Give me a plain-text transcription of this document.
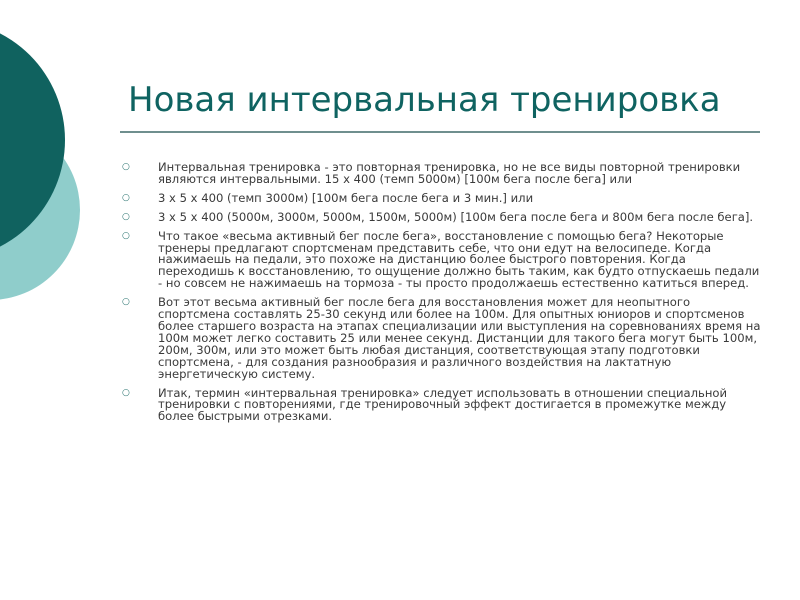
Новая интервальная тренировка
○ Интервальная тренировка - это повторная тренировка, но не все виды повторной тренировки являются интервальными. 15 х 400 (темп 5000м) [100м бега после бега] или
○ 3 х 5 х 400 (темп 3000м) [100м бега после бега и 3 мин.] или
○ 3 х 5 х 400 (5000м, 3000м, 5000м, 1500м, 5000м) [100м бега после бега и 800м бега после бега].
○ Что такое «весьма активный бег после бега», восстановление с помощью бега? Некоторые тренеры предлагают спортсменам представить себе, что они едут на велосипеде. Когда нажимаешь на педали, это похоже на дистанцию более быстрого повторения. Когда переходишь к восстановлению, то ощущение должно быть таким, как будто отпускаешь педали - но совсем не нажимаешь на тормоза - ты просто продолжаешь естественно катиться вперед.
○ Вот этот весьма активный бег после бега для восстановления может для неопытного спортсмена составлять 25-30 секунд или более на 100м. Для опытных юниоров и спортсменов более старшего возраста на этапах специализации или выступления на соревнованиях время на 100м может легко составить 25 или менее секунд. Дистанции для такого бега могут быть 100м, 200м, 300м, или это может быть любая дистанция, соответствующая этапу подготовки спортсмена, - для создания разнообразия и различного воздействия на лактатную энергетическую систему.
○ Итак, термин «интервальная тренировка» следует использовать в отношении специальной тренировки с повторениями, где тренировочный эффект достигается в промежутке между более быстрыми отрезками.
